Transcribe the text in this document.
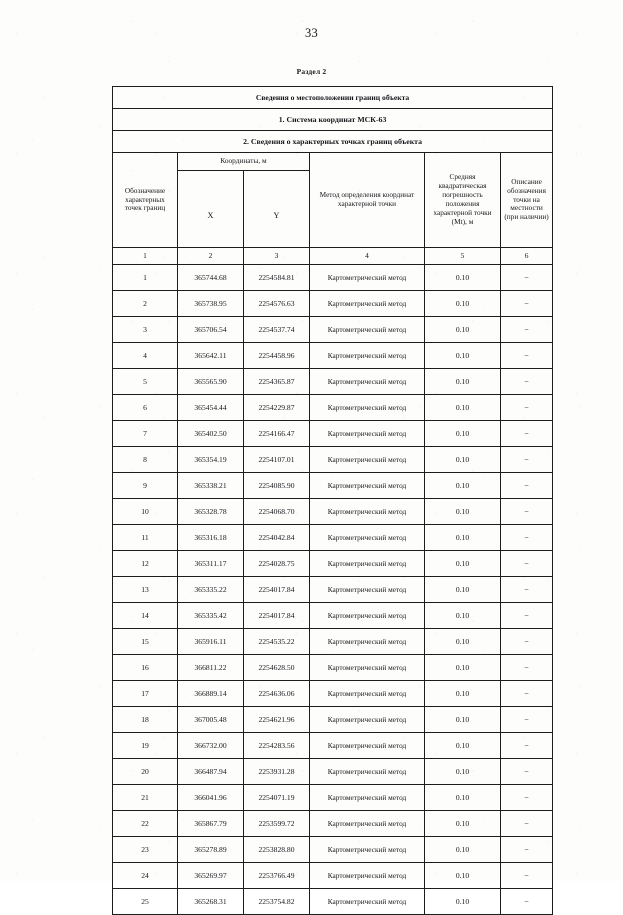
33
Раздел 2
Сведения о местоположении границ объекта					
1. Система координат МСК-63					
2. Сведения о характерных точках границ объекта					
Обозначение характерных точек границ	Координаты, м		Метод определения координат характерной точки	Средняя квадратическая погрешность положения характерной точки (Mt), м	Описание обозначения точки на местности (при наличии)

	X	Y			

1	2	3	4	5	6
1	365744.68	2254584.81	Картометрический метод	0.10	−
2	365738.95	2254576.63	Картометрический метод	0.10	−
3	365706.54	2254537.74	Картометрический метод	0.10	−
4	365642.11	2254458.96	Картометрический метод	0.10	−
5	365565.90	2254365.87	Картометрический метод	0.10	−
6	365454.44	2254229.87	Картометрический метод	0.10	−
7	365402.50	2254166.47	Картометрический метод	0.10	−
8	365354.19	2254107.01	Картометрический метод	0.10	−
9	365338.21	2254085.90	Картометрический метод	0.10	−
10	365328.78	2254068.70	Картометрический метод	0.10	−
11	365316.18	2254042.84	Картометрический метод	0.10	−
12	365311.17	2254028.75	Картометрический метод	0.10	−
13	365335.22	2254017.84	Картометрический метод	0.10	−
14	365335.42	2254017.84	Картометрический метод	0.10	−
15	365916.11	2254535.22	Картометрический метод	0.10	−
16	366811.22	2254628.50	Картометрический метод	0.10	−
17	366889.14	2254636.06	Картометрический метод	0.10	−
18	367005.48	2254621.96	Картометрический метод	0.10	−
19	366732.00	2254283.56	Картометрический метод	0.10	−
20	366487.94	2253931.28	Картометрический метод	0.10	−
21	366041.96	2254071.19	Картометрический метод	0.10	−
22	365867.79	2253599.72	Картометрический метод	0.10	−
23	365278.89	2253828.80	Картометрический метод	0.10	−
24	365269.97	2253766.49	Картометрический метод	0.10	−
25	365268.31	2253754.82	Картометрический метод	0.10	−
